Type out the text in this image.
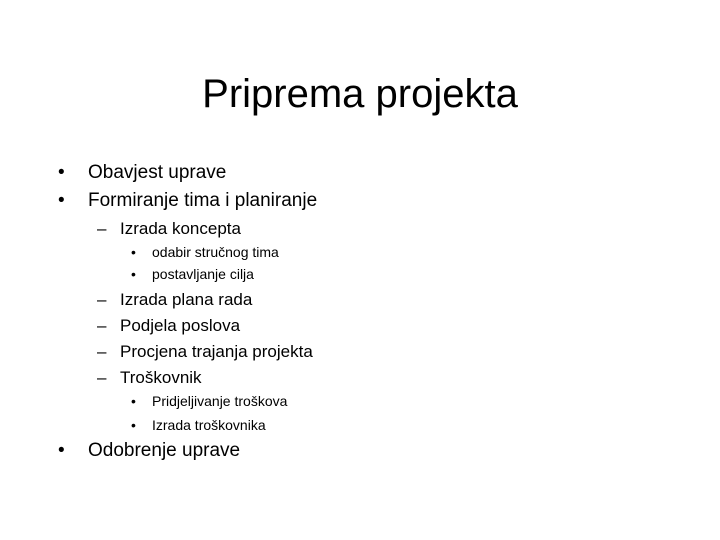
Priprema projekta
• Obavjest uprave
• Formiranje tima i planiranje
– Izrada koncepta
• odabir stručnog tima
• postavljanje cilja
– Izrada plana rada
– Podjela poslova
– Procjena trajanja projekta
– Troškovnik
• Pridjeljivanje troškova
• Izrada troškovnika
• Odobrenje uprave
